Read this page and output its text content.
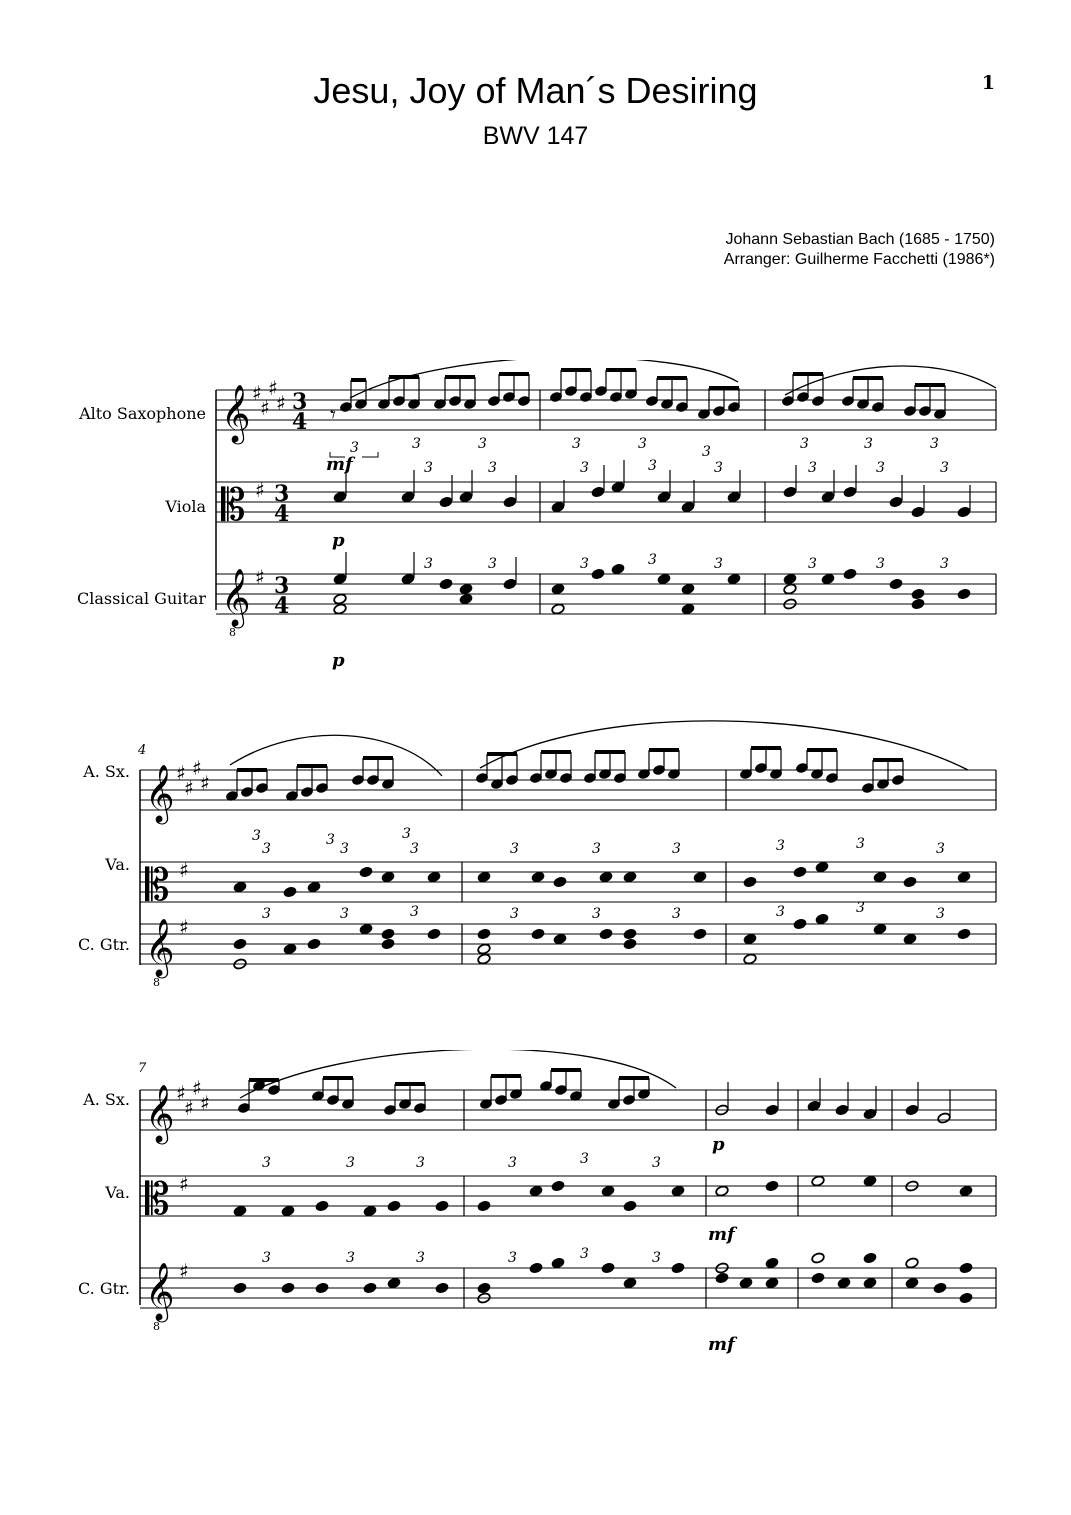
1
Jesu, Joy of Man´s Desiring
BWV 147
Johann Sebastian Bach (1685 - 1750)
Arranger: Guilherme Facchetti (1986*)
Alto Saxophone
Viola
Classical Guitar
𝄞
𝄡
𝄞
8
♯
♯
♯
♯
♯
♯
3
4
3
4
3
4
𝄾
3	3	3
mf
3	3	3	3	3	3
3	3	3	3	3	3	3	3
p
3	3	3	3	3	3	3	3
p
A. Sx.
Va.
C. Gtr.
4
𝄞
𝄡
𝄞
8
♯
♯
♯
♯
♯
♯
3	3	3
3	3	3	3	3	3	3	3	3
3	3	3	3	3	3	3	3	3
A. Sx.
Va.
C. Gtr.
7
𝄞
𝄡
𝄞
8
♯
♯
♯
♯
♯
♯
p
3	3	3	3	3	3
mf
3	3	3	3	3	3
mf
